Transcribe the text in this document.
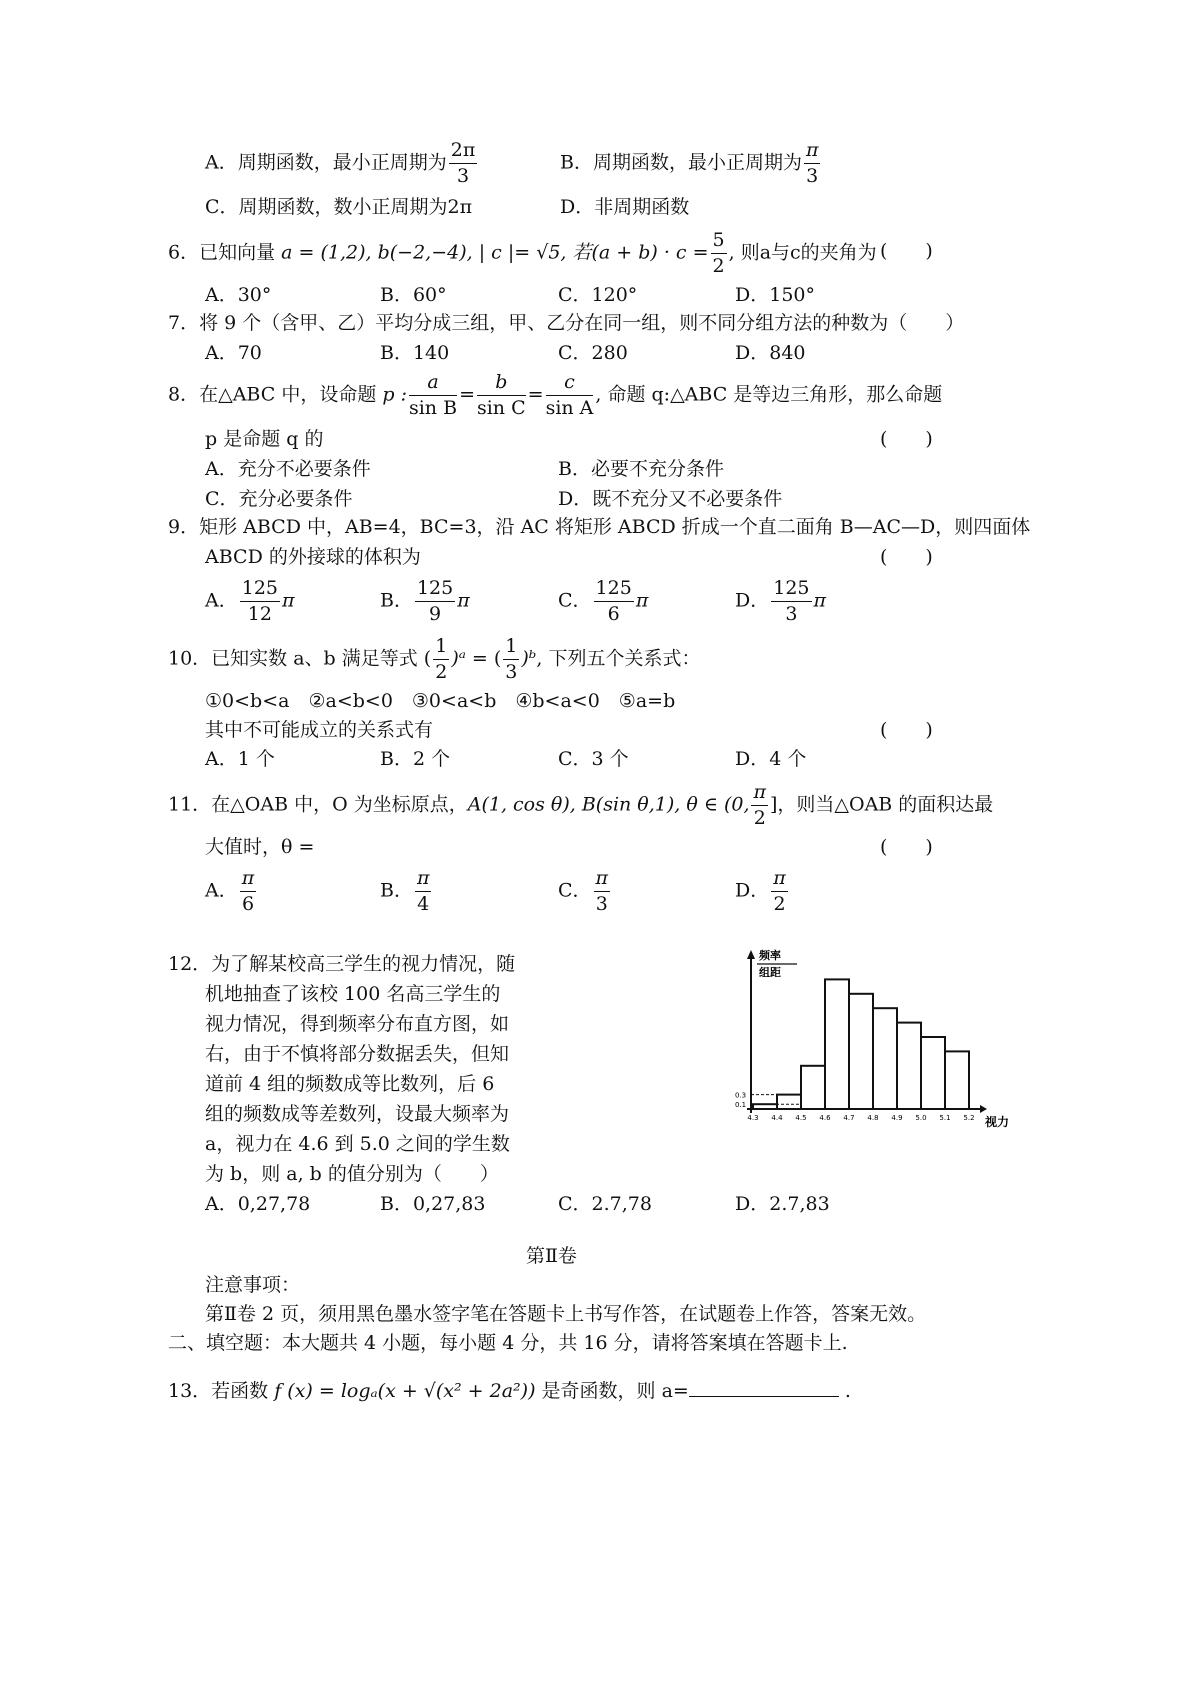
A．周期函数，最小正周期为 $\frac{2\pi}{3}$	B．周期函数，最小正周期为 $\frac{\pi}{3}$
C．周期函数，数小正周期为2π	D．非周期函数
6．已知向量 a = (1,2), b(−2,−4), | c |= √5, 若$(a + b) \cdot c = \frac{5}{2}$ , 则a与c的夹角为 (　　)
A．30°	B．60°	C．120°	D．150°
7．将 9 个（含甲、乙）平均分成三组，甲、乙分在同一组，则不同分组方法的种数为（　　）
A．70	B．140	C．280	D．840
8．在△ABC 中，设命题 p : $\frac{a}{\text{sin B}} = \frac{b}{\text{sin C}} = \frac{c}{\text{sin A}}$ , 命题 q:△ABC 是等边三角形，那么命题
p 是命题 q 的	(　　)
A．充分不必要条件	B．必要不充分条件
C．充分必要条件	D．既不充分又不必要条件
9．矩形 ABCD 中，AB=4，BC=3，沿 AC 将矩形 ABCD 折成一个直二面角 B—AC—D，则四面体
ABCD 的外接球的体积为	(　　)
A． $\frac{125}{12}$ π	B． $\frac{125}{9}$ π	C． $\frac{125}{6}$ π	D． $\frac{125}{3}$ π
10．已知实数 a、b 满足等式 ( $\frac{1}{2}$ )ᵃ = ( $\frac{1}{3}$ )ᵇ, 下列五个关系式：
①0<b<a　②a<b<0　③0<a<b　④b<a<0　⑤a=b
其中不可能成立的关系式有	(　　)
A．1 个	B．2 个	C．3 个	D．4 个
11．在△OAB 中，O 为坐标原点，A(1, cos θ), B(sin θ,1), θ ∈ (0, $\frac{\pi}{2}$ ]，则当△OAB 的面积达最
大值时，θ =	(　　)
A． $\frac{\pi}{6}$	B． $\frac{\pi}{4}$	C． $\frac{\pi}{3}$	D． $\frac{\pi}{2}$
12．为了解某校高三学生的视力情况，随
机地抽查了该校 100 名高三学生的
视力情况，得到频率分布直方图，如
右，由于不慎将部分数据丢失，但知
道前 4 组的频数成等比数列，后 6
组的频数成等差数列，设最大频率为
a，视力在 4.6 到 5.0 之间的学生数
为 b，则 a, b 的值分别为（　　）
A．0,27,78	B．0,27,83	C．2.7,78	D．2.7,83
频率
组距
视力
0.3
0.1
4.3 4.4 4.5 4.6 4.7 4.8 4.9 5.0 5.1 5.2
第Ⅱ卷
注意事项：
第Ⅱ卷 2 页，须用黑色墨水签字笔在答题卡上书写作答，在试题卷上作答，答案无效。
二、填空题：本大题共 4 小题，每小题 4 分，共 16 分，请将答案填在答题卡上.
13．若函数 f (x) = logₐ(x + √(x² + 2a²)) 是奇函数，则 a=	.
